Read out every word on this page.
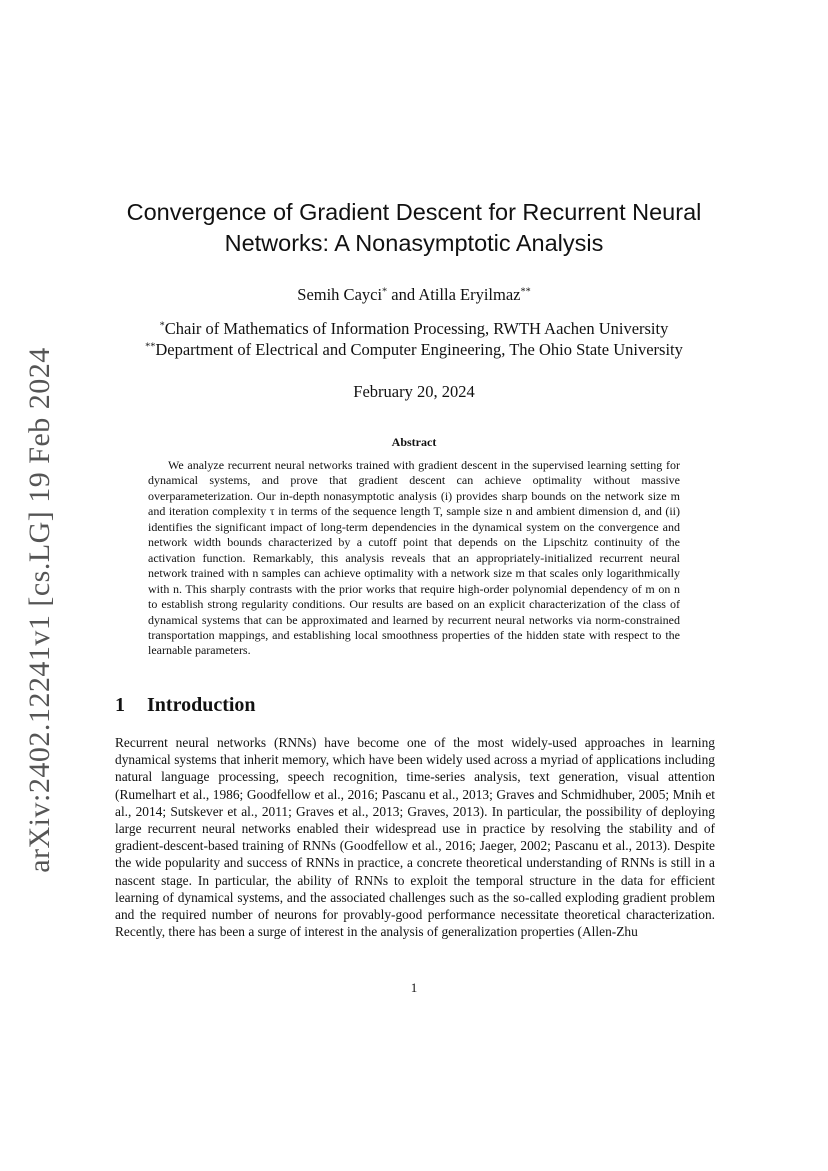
arXiv:2402.12241v1 [cs.LG] 19 Feb 2024
Convergence of Gradient Descent for Recurrent Neural Networks: A Nonasymptotic Analysis
Semih Cayci* and Atilla Eryilmaz**
*Chair of Mathematics of Information Processing, RWTH Aachen University
**Department of Electrical and Computer Engineering, The Ohio State University
February 20, 2024
Abstract

We analyze recurrent neural networks trained with gradient descent in the supervised learning setting for dynamical systems, and prove that gradient descent can achieve optimality without massive overparameterization. Our in-depth nonasymptotic analysis (i) provides sharp bounds on the network size m and iteration complexity τ in terms of the sequence length T, sample size n and ambient dimension d, and (ii) identifies the significant impact of long-term dependencies in the dynamical system on the convergence and network width bounds characterized by a cutoff point that depends on the Lipschitz continuity of the activation function. Remarkably, this analysis reveals that an appropriately-initialized recurrent neural network trained with n samples can achieve optimality with a network size m that scales only logarithmically with n. This sharply contrasts with the prior works that require high-order polynomial dependency of m on n to establish strong regularity conditions. Our results are based on an explicit characterization of the class of dynamical systems that can be approximated and learned by recurrent neural networks via norm-constrained transportation mappings, and establishing local smoothness properties of the hidden state with respect to the learnable parameters.

1 Introduction

Recurrent neural networks (RNNs) have become one of the most widely-used approaches in learning dynamical systems that inherit memory, which have been widely used across a myriad of applications including natural language processing, speech recognition, time-series analysis, text generation, visual attention (Rumelhart et al., 1986; Goodfellow et al., 2016; Pascanu et al., 2013; Graves and Schmidhuber, 2005; Mnih et al., 2014; Sutskever et al., 2011; Graves et al., 2013; Graves, 2013). In particular, the possibility of deploying large recurrent neural networks enabled their widespread use in practice by resolving the stability and of gradient-descent-based training of RNNs (Goodfellow et al., 2016; Jaeger, 2002; Pascanu et al., 2013). Despite the wide popularity and success of RNNs in practice, a concrete theoretical understanding of RNNs is still in a nascent stage. In particular, the ability of RNNs to exploit the temporal structure in the data for efficient learning of dynamical systems, and the associated challenges such as the so-called exploding gradient problem and the required number of neurons for provably-good performance necessitate theoretical characterization. Recently, there has been a surge of interest in the analysis of generalization properties (Allen-Zhu

1
